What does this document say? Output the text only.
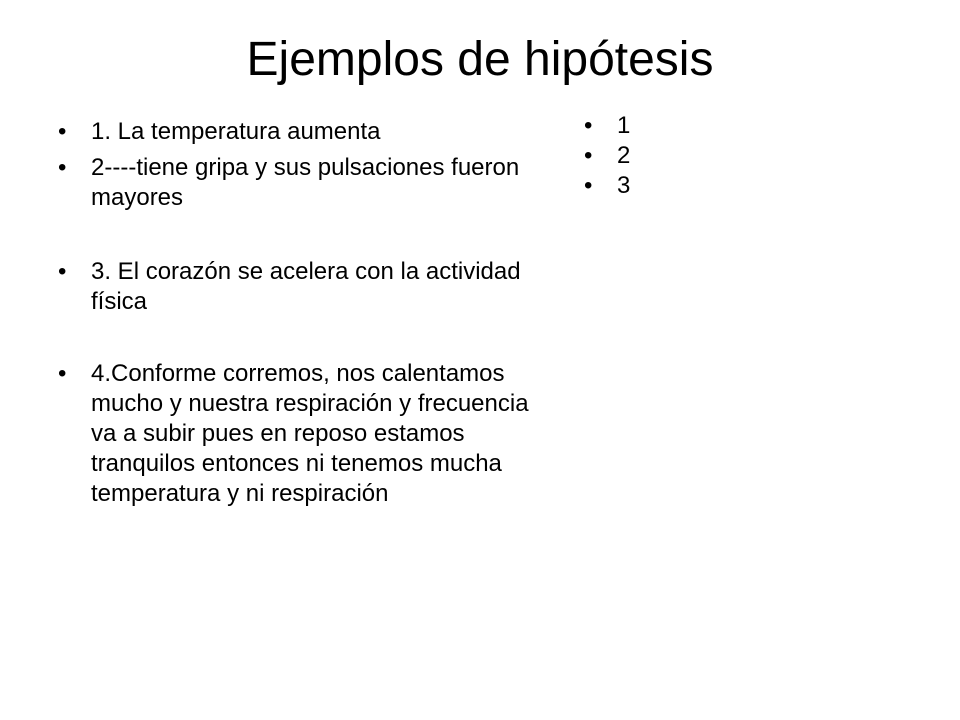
Ejemplos de hipótesis
• 1. La temperatura aumenta
• 2----tiene gripa y sus pulsaciones fueron mayores
• 3. El corazón se acelera con la actividad física
• 4.Conforme corremos, nos calentamos mucho y nuestra respiración y frecuencia va a subir pues en reposo estamos tranquilos entonces ni tenemos mucha temperatura y ni respiración
• 1
• 2
• 3
